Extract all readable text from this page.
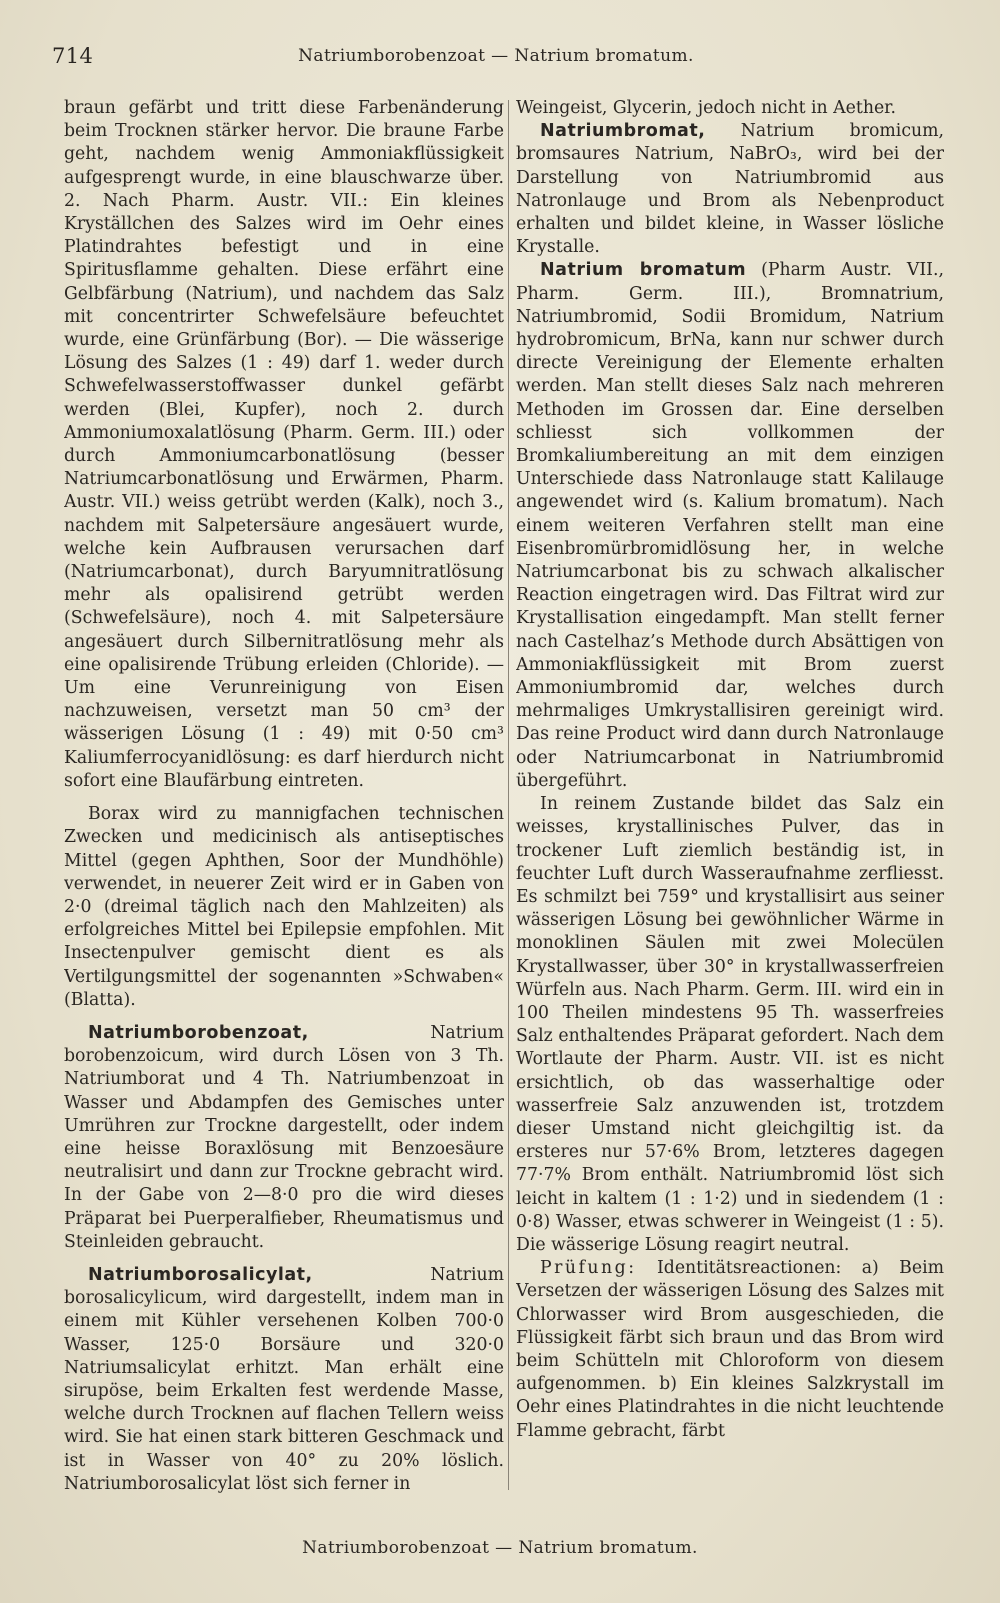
714	Natriumborobenzoat — Natrium bromatum.

braun gefärbt und tritt diese Farbenänderung beim Trocknen stärker hervor. Die braune Farbe geht, nachdem wenig Ammoniakflüssigkeit aufgesprengt wurde, in eine blauschwarze über. 2. Nach Pharm. Austr. VII.: Ein kleines Kryställchen des Salzes wird im Oehr eines Platindrahtes befestigt und in eine Spiritusflamme gehalten. Diese erfährt eine Gelbfärbung (Natrium), und nachdem das Salz mit concentrirter Schwefelsäure befeuchtet wurde, eine Grünfärbung (Bor). — Die wässerige Lösung des Salzes (1 : 49) darf 1. weder durch Schwefelwasserstoffwasser dunkel gefärbt werden (Blei, Kupfer), noch 2. durch Ammoniumoxalatlösung (Pharm. Germ. III.) oder durch Ammoniumcarbonatlösung (besser Natriumcarbonatlösung und Erwärmen, Pharm. Austr. VII.) weiss getrübt werden (Kalk), noch 3., nachdem mit Salpetersäure angesäuert wurde, welche kein Aufbrausen verursachen darf (Natriumcarbonat), durch Baryumnitratlösung mehr als opalisirend getrübt werden (Schwefelsäure), noch 4. mit Salpetersäure angesäuert durch Silbernitratlösung mehr als eine opalisirende Trübung erleiden (Chloride). — Um eine Verunreinigung von Eisen nachzuweisen, versetzt man 50 cm³ der wässerigen Lösung (1 : 49) mit 0·50 cm³ Kaliumferrocyanidlösung: es darf hierdurch nicht sofort eine Blaufärbung eintreten.

Borax wird zu mannigfachen technischen Zwecken und medicinisch als antiseptisches Mittel (gegen Aphthen, Soor der Mundhöhle) verwendet, in neuerer Zeit wird er in Gaben von 2·0 (dreimal täglich nach den Mahlzeiten) als erfolgreiches Mittel bei Epilepsie empfohlen. Mit Insectenpulver gemischt dient es als Vertilgungsmittel der sogenannten »Schwaben« (Blatta).

Natriumborobenzoat,	Natrium borobenzoicum, wird durch Lösen von 3 Th. Natriumborat und 4 Th. Natriumbenzoat in Wasser und Abdampfen des Gemisches unter Umrühren zur Trockne dargestellt, oder indem eine heisse Boraxlösung mit Benzoesäure neutralisirt und dann zur Trockne gebracht wird. In der Gabe von 2—8·0 pro die wird dieses Präparat bei Puerperalfieber, Rheumatismus und Steinleiden gebraucht.

Natriumborosalicylat,	Natrium borosalicylicum, wird dargestellt, indem man in einem mit Kühler versehenen Kolben 700·0 Wasser, 125·0 Borsäure und 320·0 Natriumsalicylat erhitzt. Man erhält eine sirupöse, beim Erkalten fest werdende Masse, welche durch Trocknen auf flachen Tellern weiss wird. Sie hat einen stark bitteren Geschmack und ist in Wasser von 40° zu 20% löslich. Natriumborosalicylat löst sich ferner in

Weingeist, Glycerin, jedoch nicht in Aether.

Natriumbromat, Natrium bromicum, bromsaures Natrium, NaBrO₃, wird bei der Darstellung von Natriumbromid aus Natronlauge und Brom als Nebenproduct erhalten und bildet kleine, in Wasser lösliche Krystalle.

Natrium bromatum (Pharm Austr. VII., Pharm. Germ. III.), Bromnatrium, Natriumbromid, Sodii Bromidum, Natrium hydrobromicum, BrNa, kann nur schwer durch directe Vereinigung der Elemente erhalten werden. Man stellt dieses Salz nach mehreren Methoden im Grossen dar. Eine derselben schliesst sich vollkommen der Bromkaliumbereitung an mit dem einzigen Unterschiede dass Natronlauge statt Kalilauge angewendet wird (s. Kalium bromatum). Nach einem weiteren Verfahren stellt man eine Eisenbromürbromidlösung her, in welche Natriumcarbonat bis zu schwach alkalischer Reaction eingetragen wird. Das Filtrat wird zur Krystallisation eingedampft. Man stellt ferner nach Castelhaz’s Methode durch Absättigen von Ammoniakflüssigkeit mit Brom zuerst Ammoniumbromid dar, welches durch mehrmaliges Umkrystallisiren gereinigt wird. Das reine Product wird dann durch Natronlauge oder Natriumcarbonat in Natriumbromid übergeführt.

In reinem Zustande bildet das Salz ein weisses, krystallinisches Pulver, das in trockener Luft ziemlich beständig ist, in feuchter Luft durch Wasseraufnahme zerfliesst. Es schmilzt bei 759° und krystallisirt aus seiner wässerigen Lösung bei gewöhnlicher Wärme in monoklinen Säulen mit zwei Molecülen Krystallwasser, über 30° in krystallwasserfreien Würfeln aus. Nach Pharm. Germ. III. wird ein in 100 Theilen mindestens 95 Th. wasserfreies Salz enthaltendes Präparat gefordert. Nach dem Wortlaute der Pharm. Austr. VII. ist es nicht ersichtlich, ob das wasserhaltige oder wasserfreie Salz anzuwenden ist, trotzdem dieser Umstand nicht gleichgiltig ist. da ersteres nur 57·6% Brom, letzteres dagegen 77·7% Brom enthält. Natriumbromid löst sich leicht in kaltem (1 : 1·2) und in siedendem (1 : 0·8) Wasser, etwas schwerer in Weingeist (1 : 5). Die wässerige Lösung reagirt neutral.

Prüfung: Identitätsreactionen: a) Beim Versetzen der wässerigen Lösung des Salzes mit Chlorwasser wird Brom ausgeschieden, die Flüssigkeit färbt sich braun und das Brom wird beim Schütteln mit Chloroform von diesem aufgenommen. b) Ein kleines Salzkrystall im Oehr eines Platindrahtes in die nicht leuchtende Flamme gebracht, färbt

Natriumborobenzoat — Natrium bromatum.
